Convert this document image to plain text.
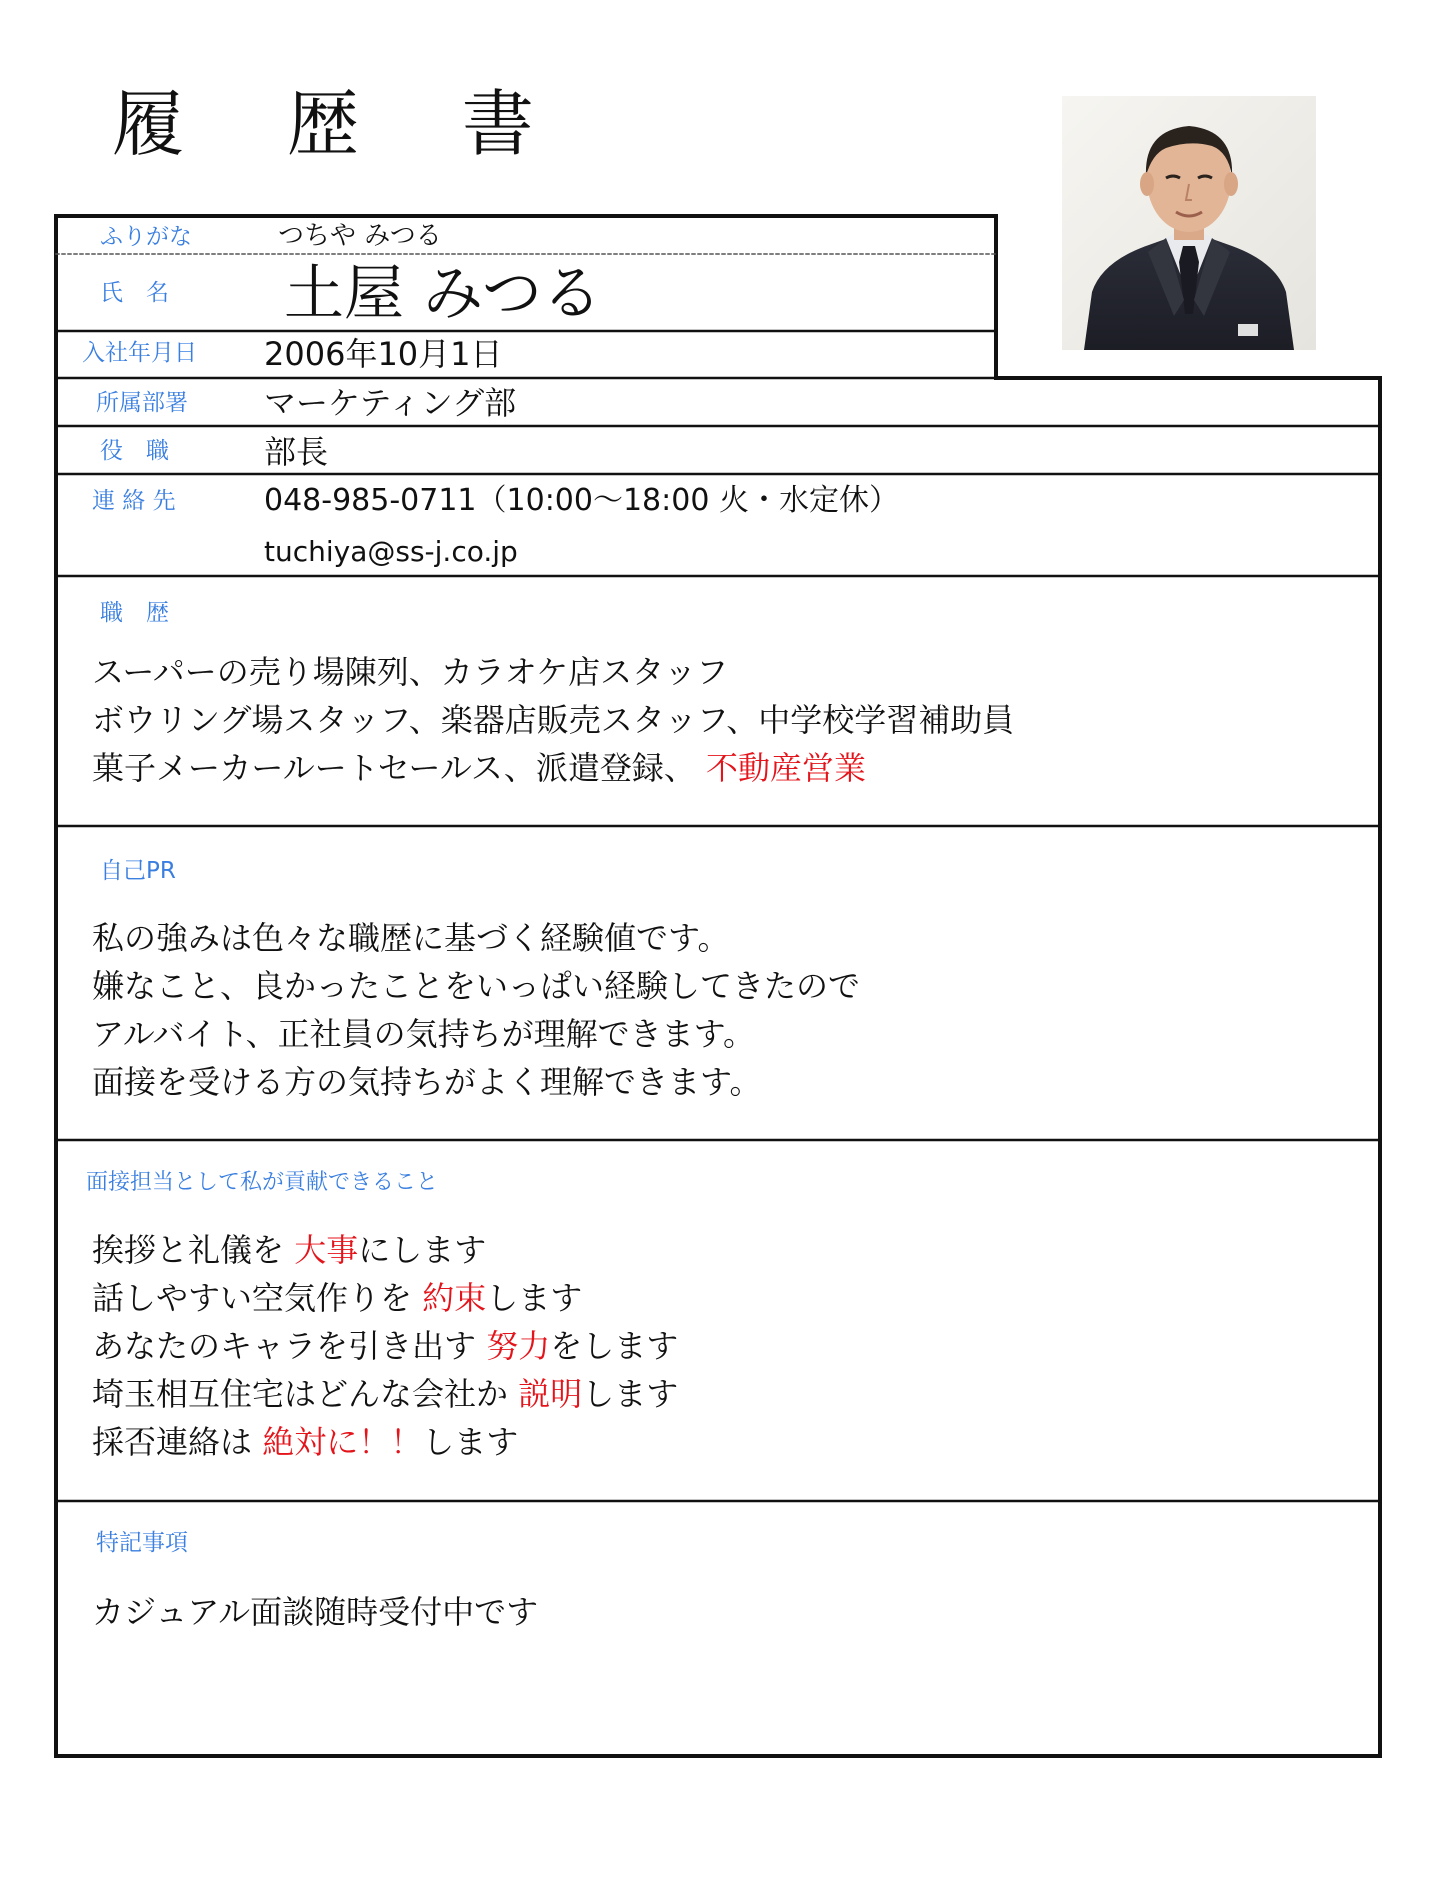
履 歴 書
ふりがな	つちや みつる
氏　名 土屋 みつる
入社年月日 2006年10月1日
所属部署 マーケティング部
役　職	部長
連 絡 先	048-985-0711（10:00～18:00 火・水定休）
tuchiya@ss-j.co.jp
職　歴
スーパーの売り場陳列、カラオケ店スタッフ
ボウリング場スタッフ、楽器店販売スタッフ、中学校学習補助員
菓子メーカールートセールス、派遣登録、 不動産営業
自己PR
私の強みは色々な職歴に基づく経験値です。
嫌なこと、良かったことをいっぱい経験してきたので
アルバイト、正社員の気持ちが理解できます。
面接を受ける方の気持ちがよく理解できます。
面接担当として私が貢献できること
挨拶と礼儀を 大事にします
話しやすい空気作りを 約束します
あなたのキャラを引き出す 努力をします
埼玉相互住宅はどんな会社か 説明します
採否連絡は 絶対に！！します
特記事項
カジュアル面談随時受付中です
